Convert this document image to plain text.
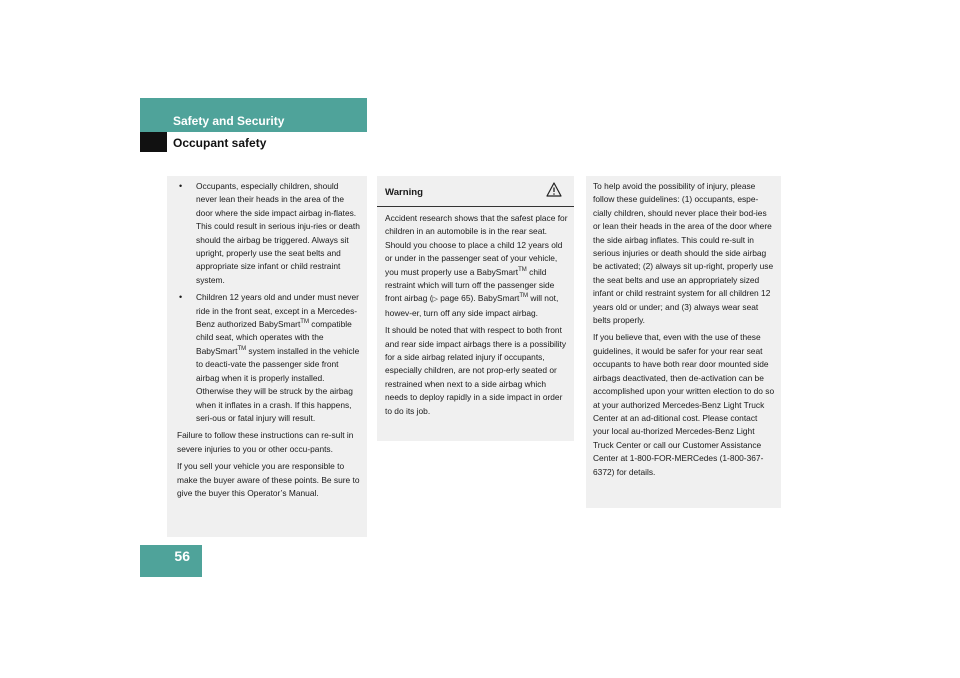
Safety and Security
Occupant safety
• Occupants, especially children, should never lean their heads in the area of the door where the side impact airbag in-flates. This could result in serious inju-ries or death should the airbag be triggered. Always sit upright, properly use the seat belts and appropriate size infant or child restraint system.
• Children 12 years old and under must never ride in the front seat, except in a Mercedes-Benz authorized BabySmart™ compatible child seat, which operates with the BabySmart™ system installed in the vehicle to deacti-vate the passenger side front airbag when it is properly installed. Otherwise they will be struck by the airbag when it inflates in a crash. If this happens, seri-ous or fatal injury will result.

Failure to follow these instructions can re-sult in severe injuries to you or other occu-pants.

If you sell your vehicle you are responsible to make the buyer aware of these points. Be sure to give the buyer this Operator’s Manual.

Warning

Accident research shows that the safest place for children in an automobile is in the rear seat. Should you choose to place a child 12 years old or under in the passenger seat of your vehicle, you must properly use a BabySmart™ child restraint which will turn off the passenger side front airbag (▷ page 65). BabySmart™ will not, howev-er, turn off any side impact airbag.

It should be noted that with respect to both front and rear side impact airbags there is a possibility for a side airbag related injury if occupants, especially children, are not prop-erly seated or restrained when next to a side airbag which needs to deploy rapidly in a side impact in order to do its job.

To help avoid the possibility of injury, please follow these guidelines: (1) occupants, espe-cially children, should never place their bod-ies or lean their heads in the area of the door where the side airbag inflates. This could re-sult in serious injuries or death should the side airbag be activated; (2) always sit up-right, properly use the seat belts and use an appropriately sized infant or child restraint system for all children 12 years old or under; and (3) always wear seat belts properly.

If you believe that, even with the use of these guidelines, it would be safer for your rear seat occupants to have both rear door mounted side airbags deactivated, then de-activation can be accomplished upon your written election to do so at your authorized Mercedes-Benz Light Truck Center at an ad-ditional cost. Please contact your local au-thorized Mercedes-Benz Light Truck Center or call our Customer Assistance Center at 1-800-FOR-MERCedes (1-800-367-6372) for details.

56
